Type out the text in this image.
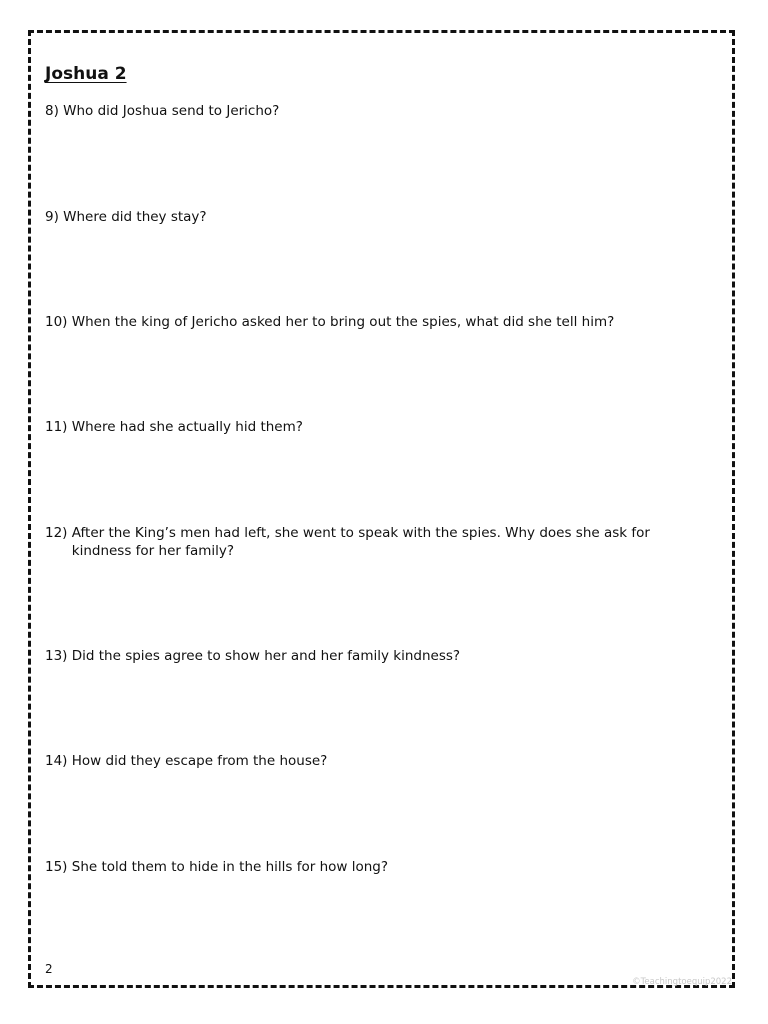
Joshua 2
8)
Who did Joshua send to Jericho?
9)
Where did they stay?
10)
When the king of Jericho asked her to bring out the spies, what did she tell him?
11)
Where had she actually hid them?
12)
After the King’s men had left, she went to speak with the spies. Why does she ask for kindness for her family?
13)
Did the spies agree to show her and her family kindness?
14)
How did they escape from the house?
15)
She told them to hide in the hills for how long?
2
©Teachingtoequip2022
